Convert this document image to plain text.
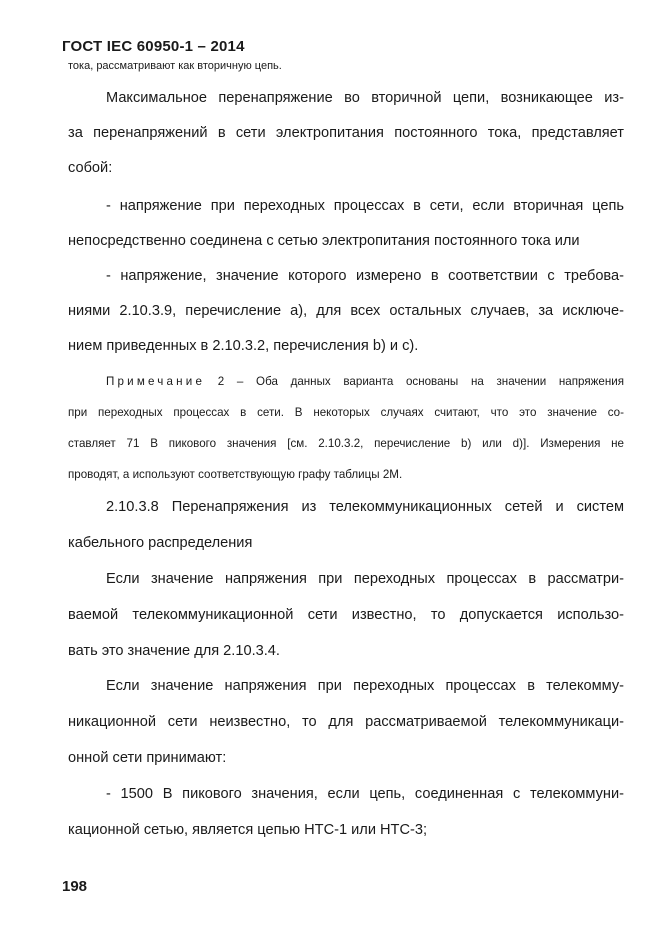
ГОСТ IEC 60950-1 – 2014
тока, рассматривают как вторичную цепь.
Максимальное перенапряжение во вторичной цепи, возникающее из-
за перенапряжений в сети электропитания постоянного тока, представляет
собой:
- напряжение при переходных процессах в сети, если вторичная цепь
непосредственно соединена с сетью электропитания постоянного тока или
- напряжение, значение которого измерено в соответствии с требова-
ниями 2.10.3.9, перечисление а), для всех остальных случаев, за исключе-
нием приведенных в 2.10.3.2, перечисления b) и с).
Примечание 2 – Оба данных варианта основаны на значении напряжения
при переходных процессах в сети. В некоторых случаях считают, что это значение со-
ставляет 71 В пикового значения [см. 2.10.3.2, перечисление b) или d)]. Измерения не
проводят, а используют соответствующую графу таблицы 2М.
2.10.3.8 Перенапряжения из телекоммуникационных сетей и систем
кабельного распределения
Если значение напряжения при переходных процессах в рассматри-
ваемой телекоммуникационной сети известно, то допускается использо-
вать это значение для 2.10.3.4.
Если значение напряжения при переходных процессах в телекомму-
никационной сети неизвестно, то для рассматриваемой телекоммуникаци-
онной сети принимают:
- 1500 В пикового значения, если цепь, соединенная с телекоммуни-
кационной сетью, является цепью НТС-1 или НТС-3;
198
